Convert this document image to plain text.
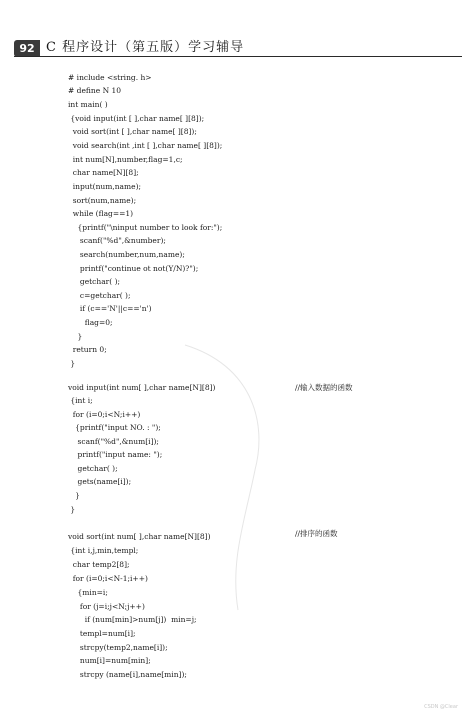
92 C 程序设计（第五版）学习辅导
# include <string. h>
# define N 10
int main( )
{void input(int [ ],char name[ ][8]);
void sort(int [ ],char name[ ][8]);
void search(int ,int [ ],char name[ ][8]);
int num[N],number,flag=1,c;
char name[N][8];
input(num,name);
sort(num,name);
while (flag==1)
{printf("\ninput number to look for:");
scanf("%d",&number);
search(number,num,name);
printf("continue ot not(Y/N)?");
getchar( );
c=getchar( );
if (c=='N'||c=='n')
flag=0;
}
return 0;
}
void input(int num[ ],char name[N][8])
{int i;
for (i=0;i<N;i++)
{printf("input NO. : ");
scanf("%d",&num[i]);
printf("input name: ");
getchar( );
gets(name[i]);
}
}
void sort(int num[ ],char name[N][8])
{int i,j,min,templ;
char temp2[8];
for (i=0;i<N-1;i++)
{min=i;
for (j=i;j<N;j++)
if (num[min]>num[j])  min=j;
templ=num[i];
strcpy(temp2,name[i]);
num[i]=num[min];
strcpy (name[i],name[min]);
//输入数据的函数
//排序的函数
CSDN @Clear
